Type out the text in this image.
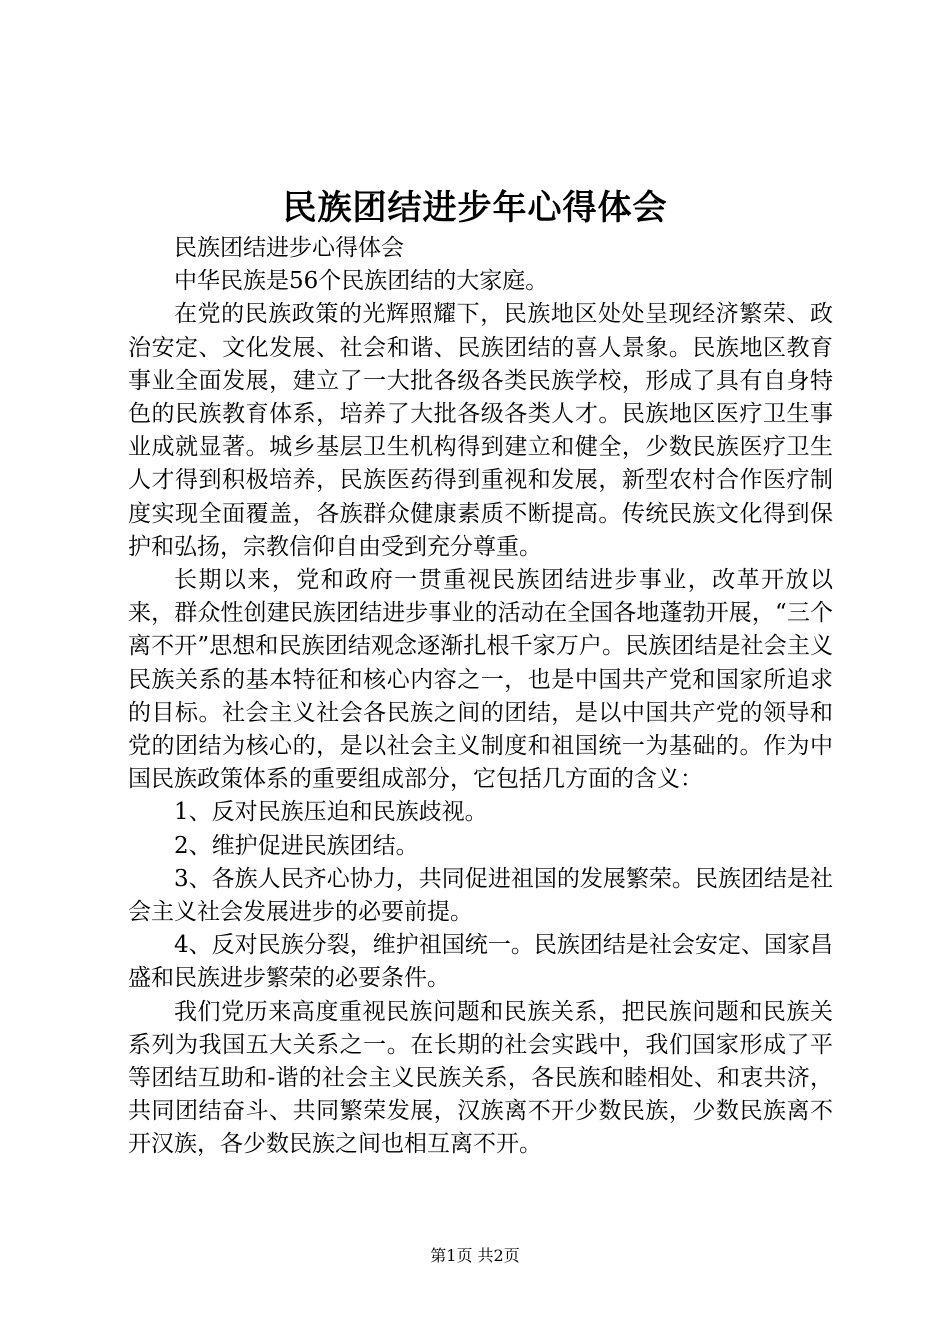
民族团结进步年心得体会

民族团结进步心得体会

中华民族是56个民族团结的大家庭。

在党的民族政策的光辉照耀下，民族地区处处呈现经济繁荣、政治安定、文化发展、社会和谐、民族团结的喜人景象。民族地区教育事业全面发展，建立了一大批各级各类民族学校，形成了具有自身特色的民族教育体系，培养了大批各级各类人才。民族地区医疗卫生事业成就显著。城乡基层卫生机构得到建立和健全，少数民族医疗卫生人才得到积极培养，民族医药得到重视和发展，新型农村合作医疗制度实现全面覆盖，各族群众健康素质不断提高。传统民族文化得到保护和弘扬，宗教信仰自由受到充分尊重。

长期以来，党和政府一贯重视民族团结进步事业，改革开放以来，群众性创建民族团结进步事业的活动在全国各地蓬勃开展，“三个离不开”思想和民族团结观念逐渐扎根千家万户。民族团结是社会主义民族关系的基本特征和核心内容之一，也是中国共产党和国家所追求的目标。社会主义社会各民族之间的团结，是以中国共产党的领导和党的团结为核心的，是以社会主义制度和祖国统一为基础的。作为中国民族政策体系的重要组成部分，它包括几方面的含义：

1、反对民族压迫和民族歧视。

2、维护促进民族团结。

3、各族人民齐心协力，共同促进祖国的发展繁荣。民族团结是社会主义社会发展进步的必要前提。

4、反对民族分裂，维护祖国统一。民族团结是社会安定、国家昌盛和民族进步繁荣的必要条件。

我们党历来高度重视民族问题和民族关系，把民族问题和民族关系列为我国五大关系之一。在长期的社会实践中，我们国家形成了平等团结互助和-谐的社会主义民族关系，各民族和睦相处、和衷共济，共同团结奋斗、共同繁荣发展，汉族离不开少数民族，少数民族离不开汉族，各少数民族之间也相互离不开。

第1页 共2页
